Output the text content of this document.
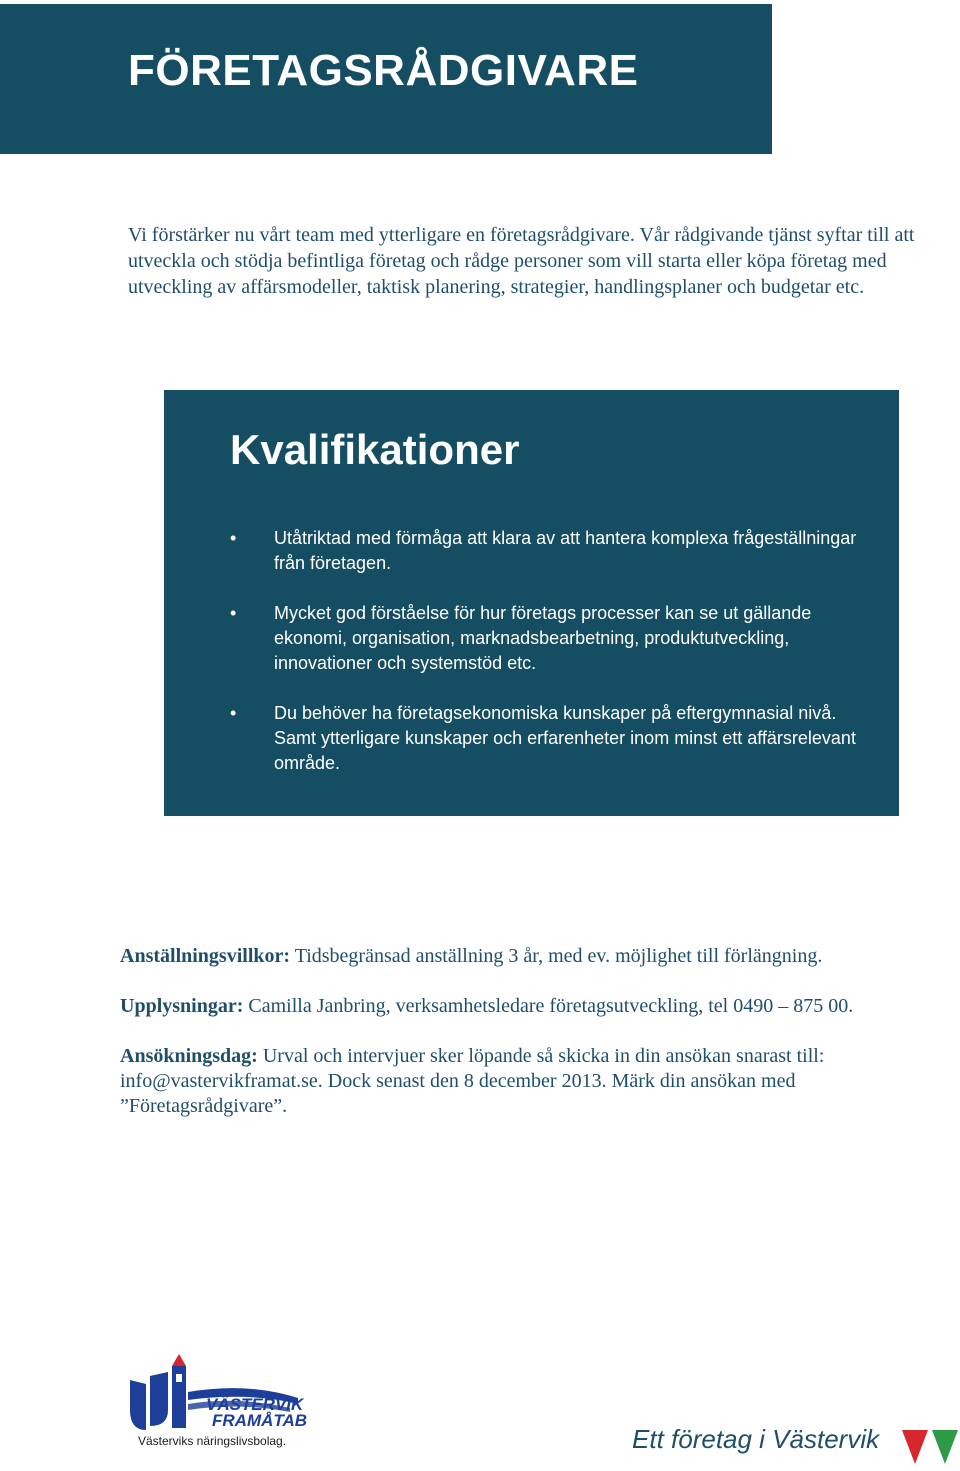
FÖRETAGSRÅDGIVARE

Vi förstärker nu vårt team med ytterligare en företagsrådgivare. Vår rådgivande tjänst syftar till att utveckla och stödja befintliga företag och rådge personer som vill starta eller köpa företag med utveckling av affärsmodeller, taktisk planering, strategier, handlingsplaner och budgetar etc.

Kvalifikationer
• Utåtriktad med förmåga att klara av att hantera komplexa frågeställningar från företagen.
• Mycket god förståelse för hur företags processer kan se ut gällande ekonomi, organisation, marknadsbearbetning, produktutveckling, innovationer och systemstöd etc.
• Du behöver ha företagsekonomiska kunskaper på eftergymnasial nivå. Samt ytterligare kunskaper och erfarenheter inom minst ett affärsrelevant område.

Anställningsvillkor: Tidsbegränsad anställning 3 år, med ev. möjlighet till förlängning.

Upplysningar: Camilla Janbring, verksamhetsledare företagsutveckling, tel 0490 – 875 00.

Ansökningsdag: Urval och intervjuer sker löpande så skicka in din ansökan snarast till: info@vastervikframat.se. Dock senast den 8 december 2013. Märk din ansökan med ”Företagsrådgivare”.

VÄSTERVIK
FRAMÅTAB
Västerviks näringslivsbolag.	Ett företag i Västervik
